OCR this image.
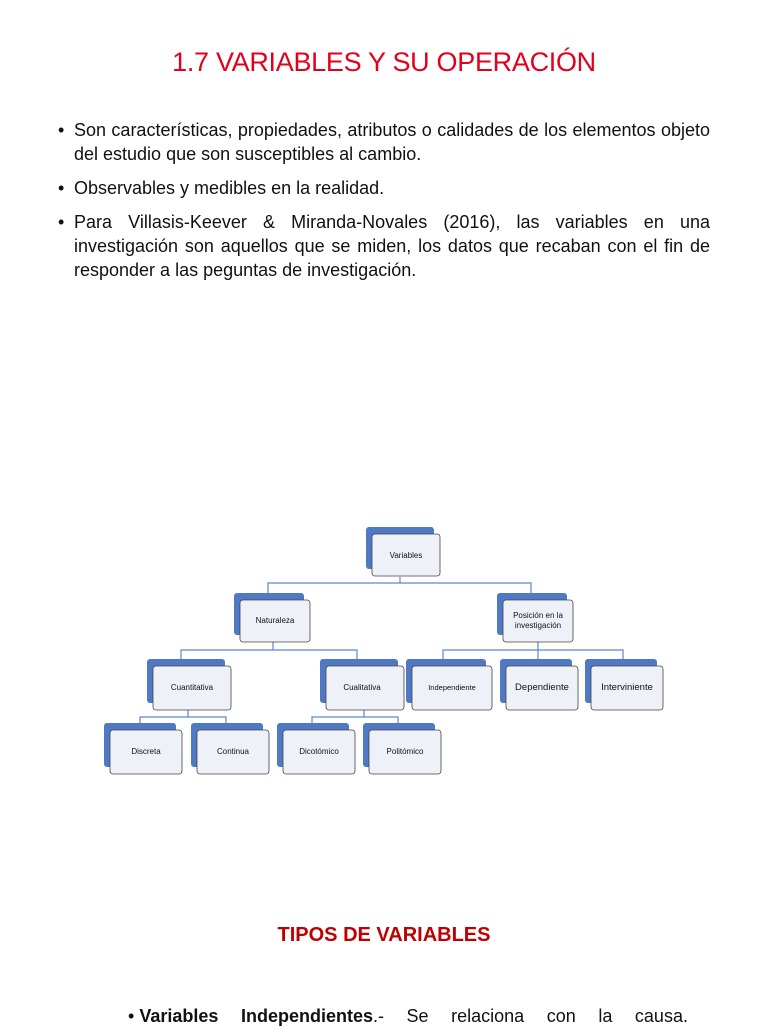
1.7 VARIABLES Y SU OPERACIÓN
• Son características, propiedades, atributos o calidades de los elementos objeto del estudio que son susceptibles al cambio.
• Observables y medibles en la realidad.
• Para Villasis-Keever & Miranda-Novales (2016), las variables en una investigación son aquellos que se miden, los datos que recaban con el fin de responder a las peguntas de investigación.
Variables
Naturaleza
Posición en la
investigación
Cuantitativa	Cualitativa	Independiente	Dependiente	Interviniente
Discreta	Continua	Dicotómico	Politómico
TIPOS DE VARIABLES
• Variables Independientes.- Se relaciona con la causa.
